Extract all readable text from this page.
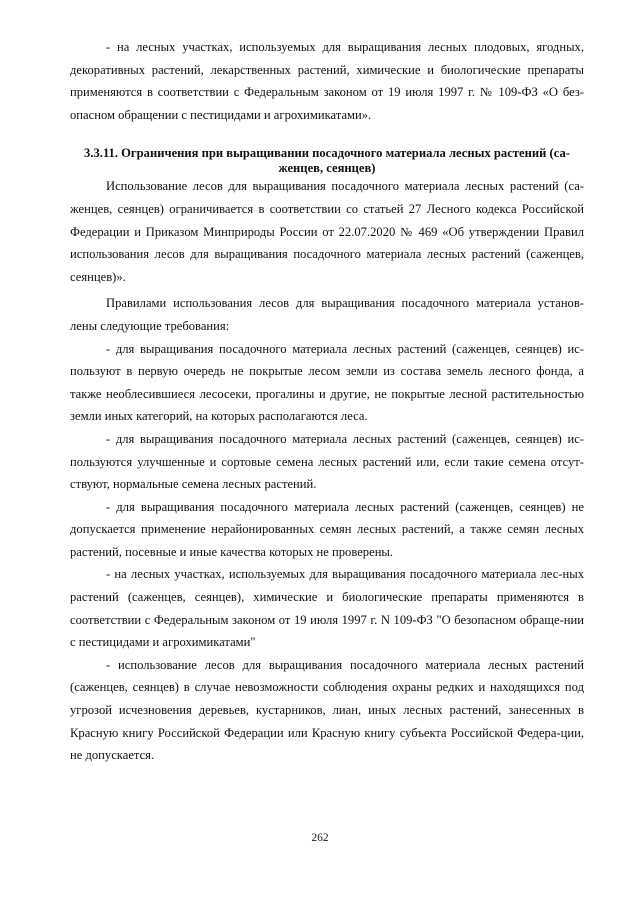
- на лесных участках, используемых для выращивания лесных плодовых, ягодных, декоративных растений, лекарственных растений, химические и биологические препараты применяются в соответствии с Федеральным законом от 19 июля 1997 г. № 109-ФЗ «О без-опасном обращении с пестицидами и агрохимикатами».

3.3.11. Ограничения при выращивании посадочного материала лесных растений (са-женцев, сеянцев)

Использование лесов для выращивания посадочного материала лесных растений (са-женцев, сеянцев) ограничивается в соответствии со статьей 27 Лесного кодекса Российской Федерации и Приказом Минприроды России от 22.07.2020 № 469 «Об утверждении Правил использования лесов для выращивания посадочного материала лесных растений (саженцев, сеянцев)».

Правилами использования лесов для выращивания посадочного материала установ-лены следующие требования:

- для выращивания посадочного материала лесных растений (саженцев, сеянцев) ис-пользуют в первую очередь не покрытые лесом земли из состава земель лесного фонда, а также необлесившиеся лесосеки, прогалины и другие, не покрытые лесной растительностью земли иных категорий, на которых располагаются леса.

- для выращивания посадочного материала лесных растений (саженцев, сеянцев) ис-пользуются улучшенные и сортовые семена лесных растений или, если такие семена отсут-ствуют, нормальные семена лесных растений.

- для выращивания посадочного материала лесных растений (саженцев, сеянцев) не допускается применение нерайонированных семян лесных растений, а также семян лесных растений, посевные и иные качества которых не проверены.

- на лесных участках, используемых для выращивания посадочного материала лес-ных растений (саженцев, сеянцев), химические и биологические препараты применяются в соответствии с Федеральным законом от 19 июля 1997 г. N 109-ФЗ "О безопасном обраще-нии с пестицидами и агрохимикатами"

- использование лесов для выращивания посадочного материала лесных растений (саженцев, сеянцев) в случае невозможности соблюдения охраны редких и находящихся под угрозой исчезновения деревьев, кустарников, лиан, иных лесных растений, занесенных в Красную книгу Российской Федерации или Красную книгу субъекта Российской Федера-ции, не допускается.

262
